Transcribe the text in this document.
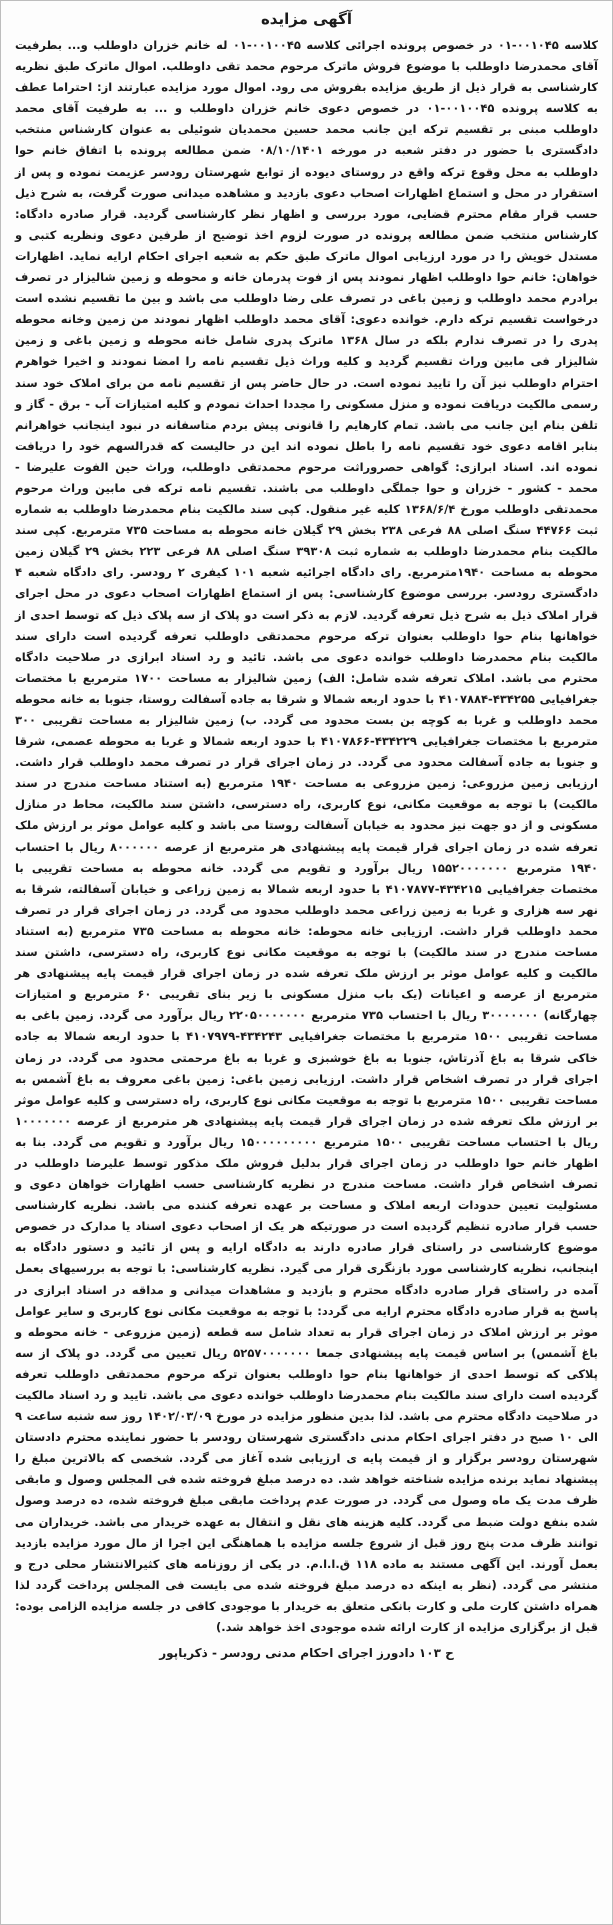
آگهی مزایده

کلاسه ۰۰۱۰۴۵-۰۱ در خصوص پرونده اجرائی کلاسه ۰۰۱۰۰۴۵-۰۱ له خانم خزران داوطلب و... بطرفیت آقای محمدرضا داوطلب با موضوع فروش ماترک مرحوم محمد تقی داوطلب. اموال ماترک طبق نظریه کارشناسی به قرار ذیل از طریق مزایده بفروش می رود. اموال مورد مزایده عبارتند از: احتراما عطف به کلاسه پرونده ۰۰۱۰۰۴۵-۰۱ در خصوص دعوی خانم خزران داوطلب و ... به طرفیت آقای محمد داوطلب مبنی بر تقسیم ترکه این جانب محمد حسین محمدیان شوئیلی به عنوان کارشناس منتخب دادگستری با حضور در دفتر شعبه در مورخه ۰۸/۱۰/۱۴۰۱ ضمن مطالعه پرونده با اتفاق خانم حوا داوطلب به محل وقوع ترکه واقع در روستای دیوده از توابع شهرستان رودسر عزیمت نموده و پس از استقرار در محل و استماع اظهارات اصحاب دعوی بازدید و مشاهده میدانی صورت گرفت، به شرح ذیل حسب قرار مقام محترم قضایی، مورد بررسی و اظهار نظر کارشناسی گردید. قرار صادره دادگاه: کارشناس منتخب ضمن مطالعه پرونده در صورت لزوم اخذ توضیح از طرفین دعوی ونظریه کتبی و مستدل خویش را در مورد ارزیابی اموال ماترک طبق حکم به شعبه اجرای احکام ارایه نماید. اظهارات خواهان: خانم حوا داوطلب اظهار نمودند پس از فوت پدرمان خانه و محوطه و زمین شالیزار در تصرف برادرم محمد داوطلب و زمین باغی در تصرف علی رضا داوطلب می باشد و بین ما تقسیم نشده است درخواست تقسیم ترکه دارم. خوانده دعوی: آقای محمد داوطلب اظهار نمودند من زمین وخانه محوطه پدری را در تصرف ندارم بلکه در سال ۱۳۶۸ ماترک پدری شامل خانه محوطه و زمین باغی و زمین شالیزار فی مابین وراث تقسیم گردید و کلیه وراث ذیل تقسیم نامه را امضا نمودند و اخیرا خواهرم احترام داوطلب نیز آن را تایید نموده است. در حال حاضر پس از تقسیم نامه من برای املاک خود سند رسمی مالکیت دریافت نموده و منزل مسکونی را مجددا احداث نمودم و کلیه امتیازات آب - برق - گاز و تلفن بنام این جانب می باشد. تمام کارهایم را قانونی پیش بردم متاسفانه در نبود اینجانب خواهرانم بنابر اقامه دعوی خود تقسیم نامه را باطل نموده اند این در حالیست که قدرالسهم خود را دریافت نموده اند. اسناد ابرازی: گواهی حصروراثت مرحوم محمدتقی داوطلب، وراث حین الفوت علیرضا - محمد - کشور - خزران و حوا جملگی داوطلب می باشند. تقسیم نامه ترکه فی مابین وراث مرحوم محمدتقی داوطلب مورخ ۱۳۶۸/۶/۴ کلیه غیر منقول. کپی سند مالکیت بنام محمدرضا داوطلب به شماره ثبت ۴۴۷۶۶ سنگ اصلی ۸۸ فرعی ۲۳۸ بخش ۲۹ گیلان خانه محوطه به مساحت ۷۳۵ مترمربع. کپی سند مالکیت بنام محمدرضا داوطلب به شماره ثبت ۳۹۳۰۸ سنگ اصلی ۸۸ فرعی ۲۲۳ بخش ۲۹ گیلان زمین محوطه به مساحت ۱۹۴۰مترمربع. رای دادگاه اجرائیه شعبه ۱۰۱ کیفری ۲ رودسر. رای دادگاه شعبه ۴ دادگستری رودسر. بررسی موضوع کارشناسی: پس از استماع اظهارات اصحاب دعوی در محل اجرای قرار املاک ذیل به شرح ذیل تعرفه گردید. لازم به ذکر است دو پلاک از سه پلاک ذیل که توسط احدی از خواهانها بنام حوا داوطلب بعنوان ترکه مرحوم محمدتقی داوطلب تعرفه گردیده است دارای سند مالکیت بنام محمدرضا داوطلب خوانده دعوی می باشد. تائید و رد اسناد ابرازی در صلاحیت دادگاه محترم می باشد. املاک تعرفه شده شامل: الف) زمین شالیزار به مساحت ۱۷۰۰ مترمربع با مختصات جغرافیایی ۴۳۴۲۵۵-۴۱۰۷۸۸۴ با حدود اربعه شمالا و شرقا به جاده آسفالت روستا، جنوبا به خانه محوطه محمد داوطلب و غربا به کوچه بن بست محدود می گردد. ب) زمین شالیزار به مساحت تقریبی ۳۰۰ مترمربع با مختصات جغرافیایی ۴۳۴۲۲۹-۴۱۰۷۸۶۶ با حدود اربعه شمالا و غربا به محوطه عصمی، شرقا و جنوبا به جاده آسفالت محدود می گردد. در زمان اجرای قرار در تصرف محمد داوطلب قرار داشت. ارزیابی زمین مزروعی: زمین مزروعی به مساحت ۱۹۴۰ مترمربع (به استناد مساحت مندرج در سند مالکیت) با توجه به موقعیت مکانی، نوع کاربری، راه دسترسی، داشتن سند مالکیت، محاط در منازل مسکونی و از دو جهت نیز محدود به خیابان آسفالت روستا می باشد و کلیه عوامل موثر بر ارزش ملک تعرفه شده در زمان اجرای قرار قیمت پایه پیشنهادی هر مترمربع از عرصه ۸۰۰۰۰۰۰ ریال با احتساب ۱۹۴۰ مترمربع ۱۵۵۲۰۰۰۰۰۰۰ ریال برآورد و تقویم می گردد. خانه محوطه به مساحت تقریبی با مختصات جغرافیایی ۴۳۴۲۱۵-۴۱۰۷۸۷۷ با حدود اربعه شمالا به زمین زراعی و خیابان آسفالته، شرقا به نهر سه هزاری و غربا به زمین زراعی محمد داوطلب محدود می گردد. در زمان اجرای قرار در تصرف محمد داوطلب قرار داشت. ارزیابی خانه محوطه: خانه محوطه به مساحت ۷۳۵ مترمربع (به استناد مساحت مندرج در سند مالکیت) با توجه به موقعیت مکانی نوع کاربری، راه دسترسی، داشتن سند مالکیت و کلیه عوامل موثر بر ارزش ملک تعرفه شده در زمان اجرای قرار قیمت پایه پیشنهادی هر مترمربع از عرصه و اعیانات (یک باب منزل مسکونی با زیر بنای تقریبی ۶۰ مترمربع و امتیازات چهارگانه) ۳۰۰۰۰۰۰۰ ریال با احتساب ۷۳۵ مترمربع ۲۲۰۵۰۰۰۰۰۰۰ ریال برآورد می گردد. زمین باغی به مساحت تقریبی ۱۵۰۰ مترمربع با مختصات جغرافیایی ۴۳۴۲۴۳-۴۱۰۷۹۷۹ با حدود اربعه شمالا به جاده خاکی شرقا به باغ آذرتاش، جنوبا به باغ خوشبزی و غربا به باغ مرحمتی محدود می گردد. در زمان اجرای قرار در تصرف اشخاص قرار داشت. ارزیابی زمین باغی: زمین باغی معروف به باغ آشمس به مساحت تقریبی ۱۵۰۰ مترمربع با توجه به موقعیت مکانی نوع کاربری، راه دسترسی و کلیه عوامل موثر بر ارزش ملک تعرفه شده در زمان اجرای قرار قیمت پایه پیشنهادی هر مترمربع از عرصه ۱۰۰۰۰۰۰۰ ریال با احتساب مساحت تقریبی ۱۵۰۰ مترمربع ۱۵۰۰۰۰۰۰۰۰۰ ریال برآورد و تقویم می گردد. بنا به اظهار خانم حوا داوطلب در زمان اجرای قرار بدلیل فروش ملک مذکور توسط علیرضا داوطلب در تصرف اشخاص قرار داشت. مساحت مندرج در نظریه کارشناسی حسب اظهارات خواهان دعوی و مسئولیت تعیین حدودات اربعه املاک و مساحت بر عهده تعرفه کننده می باشد. نظریه کارشناسی حسب قرار صادره تنظیم گردیده است در صورتیکه هر یک از اصحاب دعوی اسناد یا مدارک در خصوص موضوع کارشناسی در راستای قرار صادره دارند به دادگاه ارایه و پس از تائید و دستور دادگاه به اینجانب، نظریه کارشناسی مورد بازنگری قرار می گیرد. نظریه کارشناسی: با توجه به بررسیهای بعمل آمده در راستای قرار صادره دادگاه محترم و بازدید و مشاهدات میدانی و مداقه در اسناد ابرازی در پاسخ به قرار صادره دادگاه محترم ارایه می گردد: با توجه به موقعیت مکانی نوع کاربری و سایر عوامل موثر بر ارزش املاک در زمان اجرای قرار به تعداد شامل سه قطعه (زمین مزروعی - خانه محوطه و باغ آشمس) بر اساس قیمت پایه پیشنهادی جمعا ۵۲۵۷۰۰۰۰۰۰۰ ریال تعیین می گردد. دو پلاک از سه پلاکی که توسط احدی از خواهانها بنام حوا داوطلب بعنوان ترکه مرحوم محمدتقی داوطلب تعرفه گردیده است دارای سند مالکیت بنام محمدرضا داوطلب خوانده دعوی می باشد. تایید و رد اسناد مالکیت در صلاحیت دادگاه محترم می باشد. لذا بدین منظور مزایده در مورخ ۱۴۰۲/۰۳/۰۹ روز سه شنبه ساعت ۹ الی ۱۰ صبح در دفتر اجرای احکام مدنی دادگستری شهرستان رودسر با حضور نماینده محترم دادستان شهرستان رودسر برگزار و از قیمت پایه ی ارزیابی شده آغاز می گردد. شخصی که بالاترین مبلغ را پیشنهاد نماید برنده مزایده شناخته خواهد شد. ده درصد مبلغ فروخته شده فی المجلس وصول و مابقی ظرف مدت یک ماه وصول می گردد. در صورت عدم پرداخت مابقی مبلغ فروخته شده، ده درصد وصول شده بنفع دولت ضبط می گردد. کلیه هزینه های نقل و انتقال به عهده خریدار می باشد. خریداران می توانند ظرف مدت پنج روز قبل از شروع جلسه مزایده با هماهنگی این اجرا از مال مورد مزایده بازدید بعمل آورند. این آگهی مستند به ماده ۱۱۸ ق.ا.ا.م. در یکی از روزنامه های کثیرالانتشار محلی درج و منتشر می گردد. (نظر به اینکه ده درصد مبلغ فروخته شده می بایست فی المجلس پرداخت گردد لذا همراه داشتن کارت ملی و کارت بانکی متعلق به خریدار با موجودی کافی در جلسه مزایده الزامی بوده: قبل از برگزاری مزایده از کارت ارائه شده موجودی اخذ خواهد شد.)

ح ۱۰۳ دادورز اجرای احکام مدنی رودسر - ذکریاپور
